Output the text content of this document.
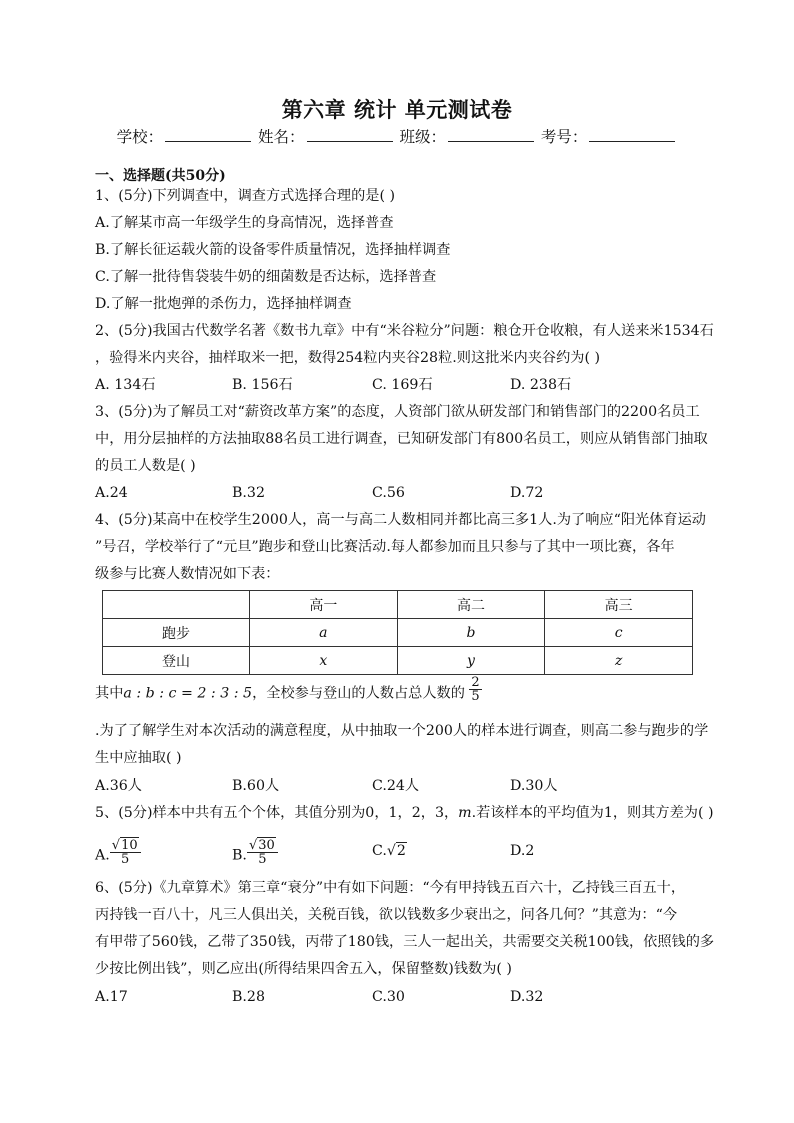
第六章 统计 单元测试卷
学校：	姓名：	班级：	考号：
一、选择题(共50分)
1、(5分)下列调查中，调查方式选择合理的是( )
A.了解某市高一年级学生的身高情况，选择普查
B.了解长征运载火箭的设备零件质量情况，选择抽样调查
C.了解一批待售袋装牛奶的细菌数是否达标，选择普查
D.了解一批炮弹的杀伤力，选择抽样调查
2、(5分)我国古代数学名著《数书九章》中有“米谷粒分”问题：粮仓开仓收粮，有人送来米1534石
，验得米内夹谷，抽样取米一把，数得254粒内夹谷28粒.则这批米内夹谷约为( )
A. 134石	B. 156石	C. 169石	D. 238石
3、(5分)为了解员工对“薪资改革方案”的态度，人资部门欲从研发部门和销售部门的2200名员工
中，用分层抽样的方法抽取88名员工进行调查，已知研发部门有800名员工，则应从销售部门抽取
的员工人数是( )
A.24	B.32	C.56	D.72
4、(5分)某高中在校学生2000人，高一与高二人数相同并都比高三多1人.为了响应“阳光体育运动
”号召，学校举行了“元旦”跑步和登山比赛活动.每人都参加而且只参与了其中一项比赛，各年
级参与比赛人数情况如下表：
	高一	高二	高三
跑步	a	b	c
登山	x	y	z
其中a : b : c = 2 : 3 : 5，全校参与登山的人数占总人数的 $\frac{2}{5}$
.为了了解学生对本次活动的满意程度，从中抽取一个200人的样本进行调查，则高二参与跑步的学
生中应抽取( )
A.36人	B.60人	C.24人	D.30人
5、(5分)样本中共有五个个体，其值分别为0，1，2，3，m.若该样本的平均值为1，则其方差为( )
A. $\frac{√10}{5}$	B. $\frac{√30}{5}$	C.√2	D.2
6、(5分)《九章算术》第三章“衰分”中有如下问题：“今有甲持钱五百六十，乙持钱三百五十，
丙持钱一百八十，凡三人俱出关，关税百钱，欲以钱数多少衰出之，问各几何？”其意为：“今
有甲带了560钱，乙带了350钱，丙带了180钱，三人一起出关，共需要交关税100钱，依照钱的多
少按比例出钱”，则乙应出(所得结果四舍五入，保留整数)钱数为( )
A.17	B.28	C.30	D.32
